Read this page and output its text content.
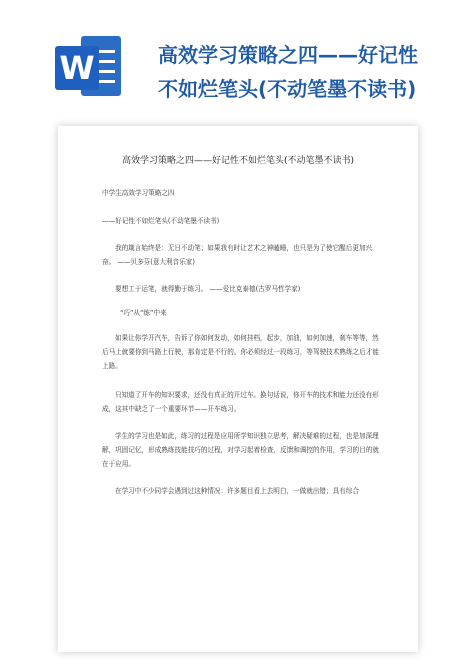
W	高效学习策略之四——好记性
不如烂笔头(不动笔墨不读书)
高效学习策略之四——好记性不如烂笔头(不动笔墨不读书)
中学生高效学习策略之四
——好记性不如烂笔头(不动笔墨不读书)
我的箴言始终是：无日不动笔；如果我有时让艺术之神瞌睡，也只是为了使它醒后更加兴奋。 ——贝多芬(意大利音乐家)
要想工于运笔，就得勤于练习。 ——爱比克泰德(古罗马哲学家)
“巧”从“练”中来
如果让你学开汽车，告诉了你如何发动，如何挂档，起步，加油，如何加速，刹车等等，然后马上就要你到马路上行驶，那肯定是不行的。你必须经过一段练习，等驾驶技术熟练之后才能上路。
只知道了开车的知识要求，还没有真正的开过车。换句话说，你开车的技术和能力还没有形成，这其中缺乏了一个重要环节——开车练习。
学生的学习也是如此，练习的过程是应用所学知识独立思考，解决疑难的过程，也是加深理解，巩固记忆，形成熟练技能技巧的过程，对学习起着检查，反馈和调控的作用，学习的目的就在于应用。
在学习中不少同学会遇到过这种情况：许多题目看上去明白，一做就出错；具有综合
